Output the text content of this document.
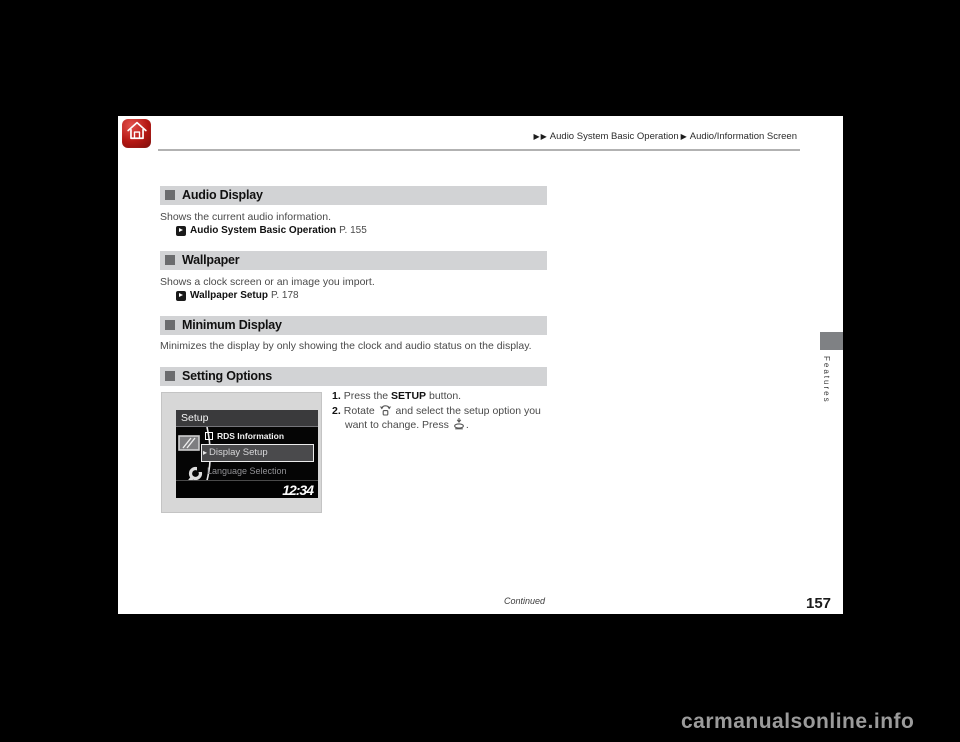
▶▶ Audio System Basic Operation ▶ Audio/Information Screen
Audio Display
Shows the current audio information.
Audio System Basic Operation P. 155
Wallpaper
Shows a clock screen or an image you import.
Wallpaper Setup P. 178
Minimum Display
Minimizes the display by only showing the clock and audio status on the display.
Setting Options
Setup
RDS Information
▸ Display Setup
Language Selection
12:34
1. Press the SETUP button.
2. Rotate  and select the setup option you
want to change. Press .
Features
Continued	157
carmanualsonline.info
